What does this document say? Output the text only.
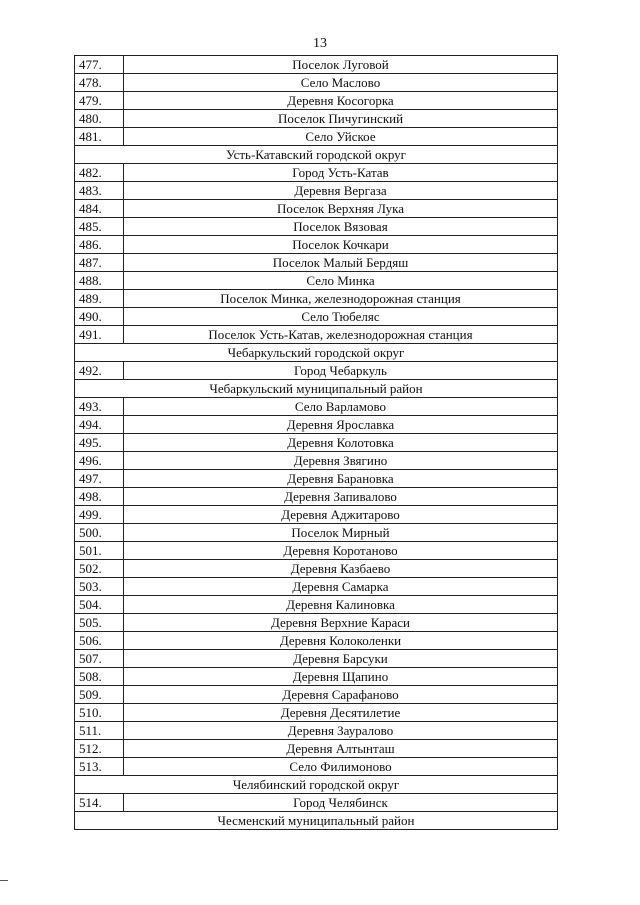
13
477.	Поселок Луговой
478.	Село Маслово
479.	Деревня Косогорка
480.	Поселок Пичугинский
481.	Село Уйское
Усть-Катавский городской округ	
482.	Город Усть-Катав
483.	Деревня Вергаза
484.	Поселок Верхняя Лука
485.	Поселок Вязовая
486.	Поселок Кочкари
487.	Поселок Малый Бердяш
488.	Село Минка
489.	Поселок Минка, железнодорожная станция
490.	Село Тюбеляс
491.	Поселок Усть-Катав, железнодорожная станция
Чебаркульский городской округ	
492.	Город Чебаркуль
Чебаркульский муниципальный район	
493.	Село Варламово
494.	Деревня Ярославка
495.	Деревня Колотовка
496.	Деревня Звягино
497.	Деревня Барановка
498.	Деревня Запивалово
499.	Деревня Аджитарово
500.	Поселок Мирный
501.	Деревня Коротаново
502.	Деревня Казбаево
503.	Деревня Самарка
504.	Деревня Калиновка
505.	Деревня Верхние Караси
506.	Деревня Колоколенки
507.	Деревня Барсуки
508.	Деревня Щапино
509.	Деревня Сарафаново
510.	Деревня Десятилетие
511.	Деревня Зауралово
512.	Деревня Алтынташ
513.	Село Филимоново
Челябинский городской округ	
514.	Город Челябинск
Чесменский муниципальный район	
